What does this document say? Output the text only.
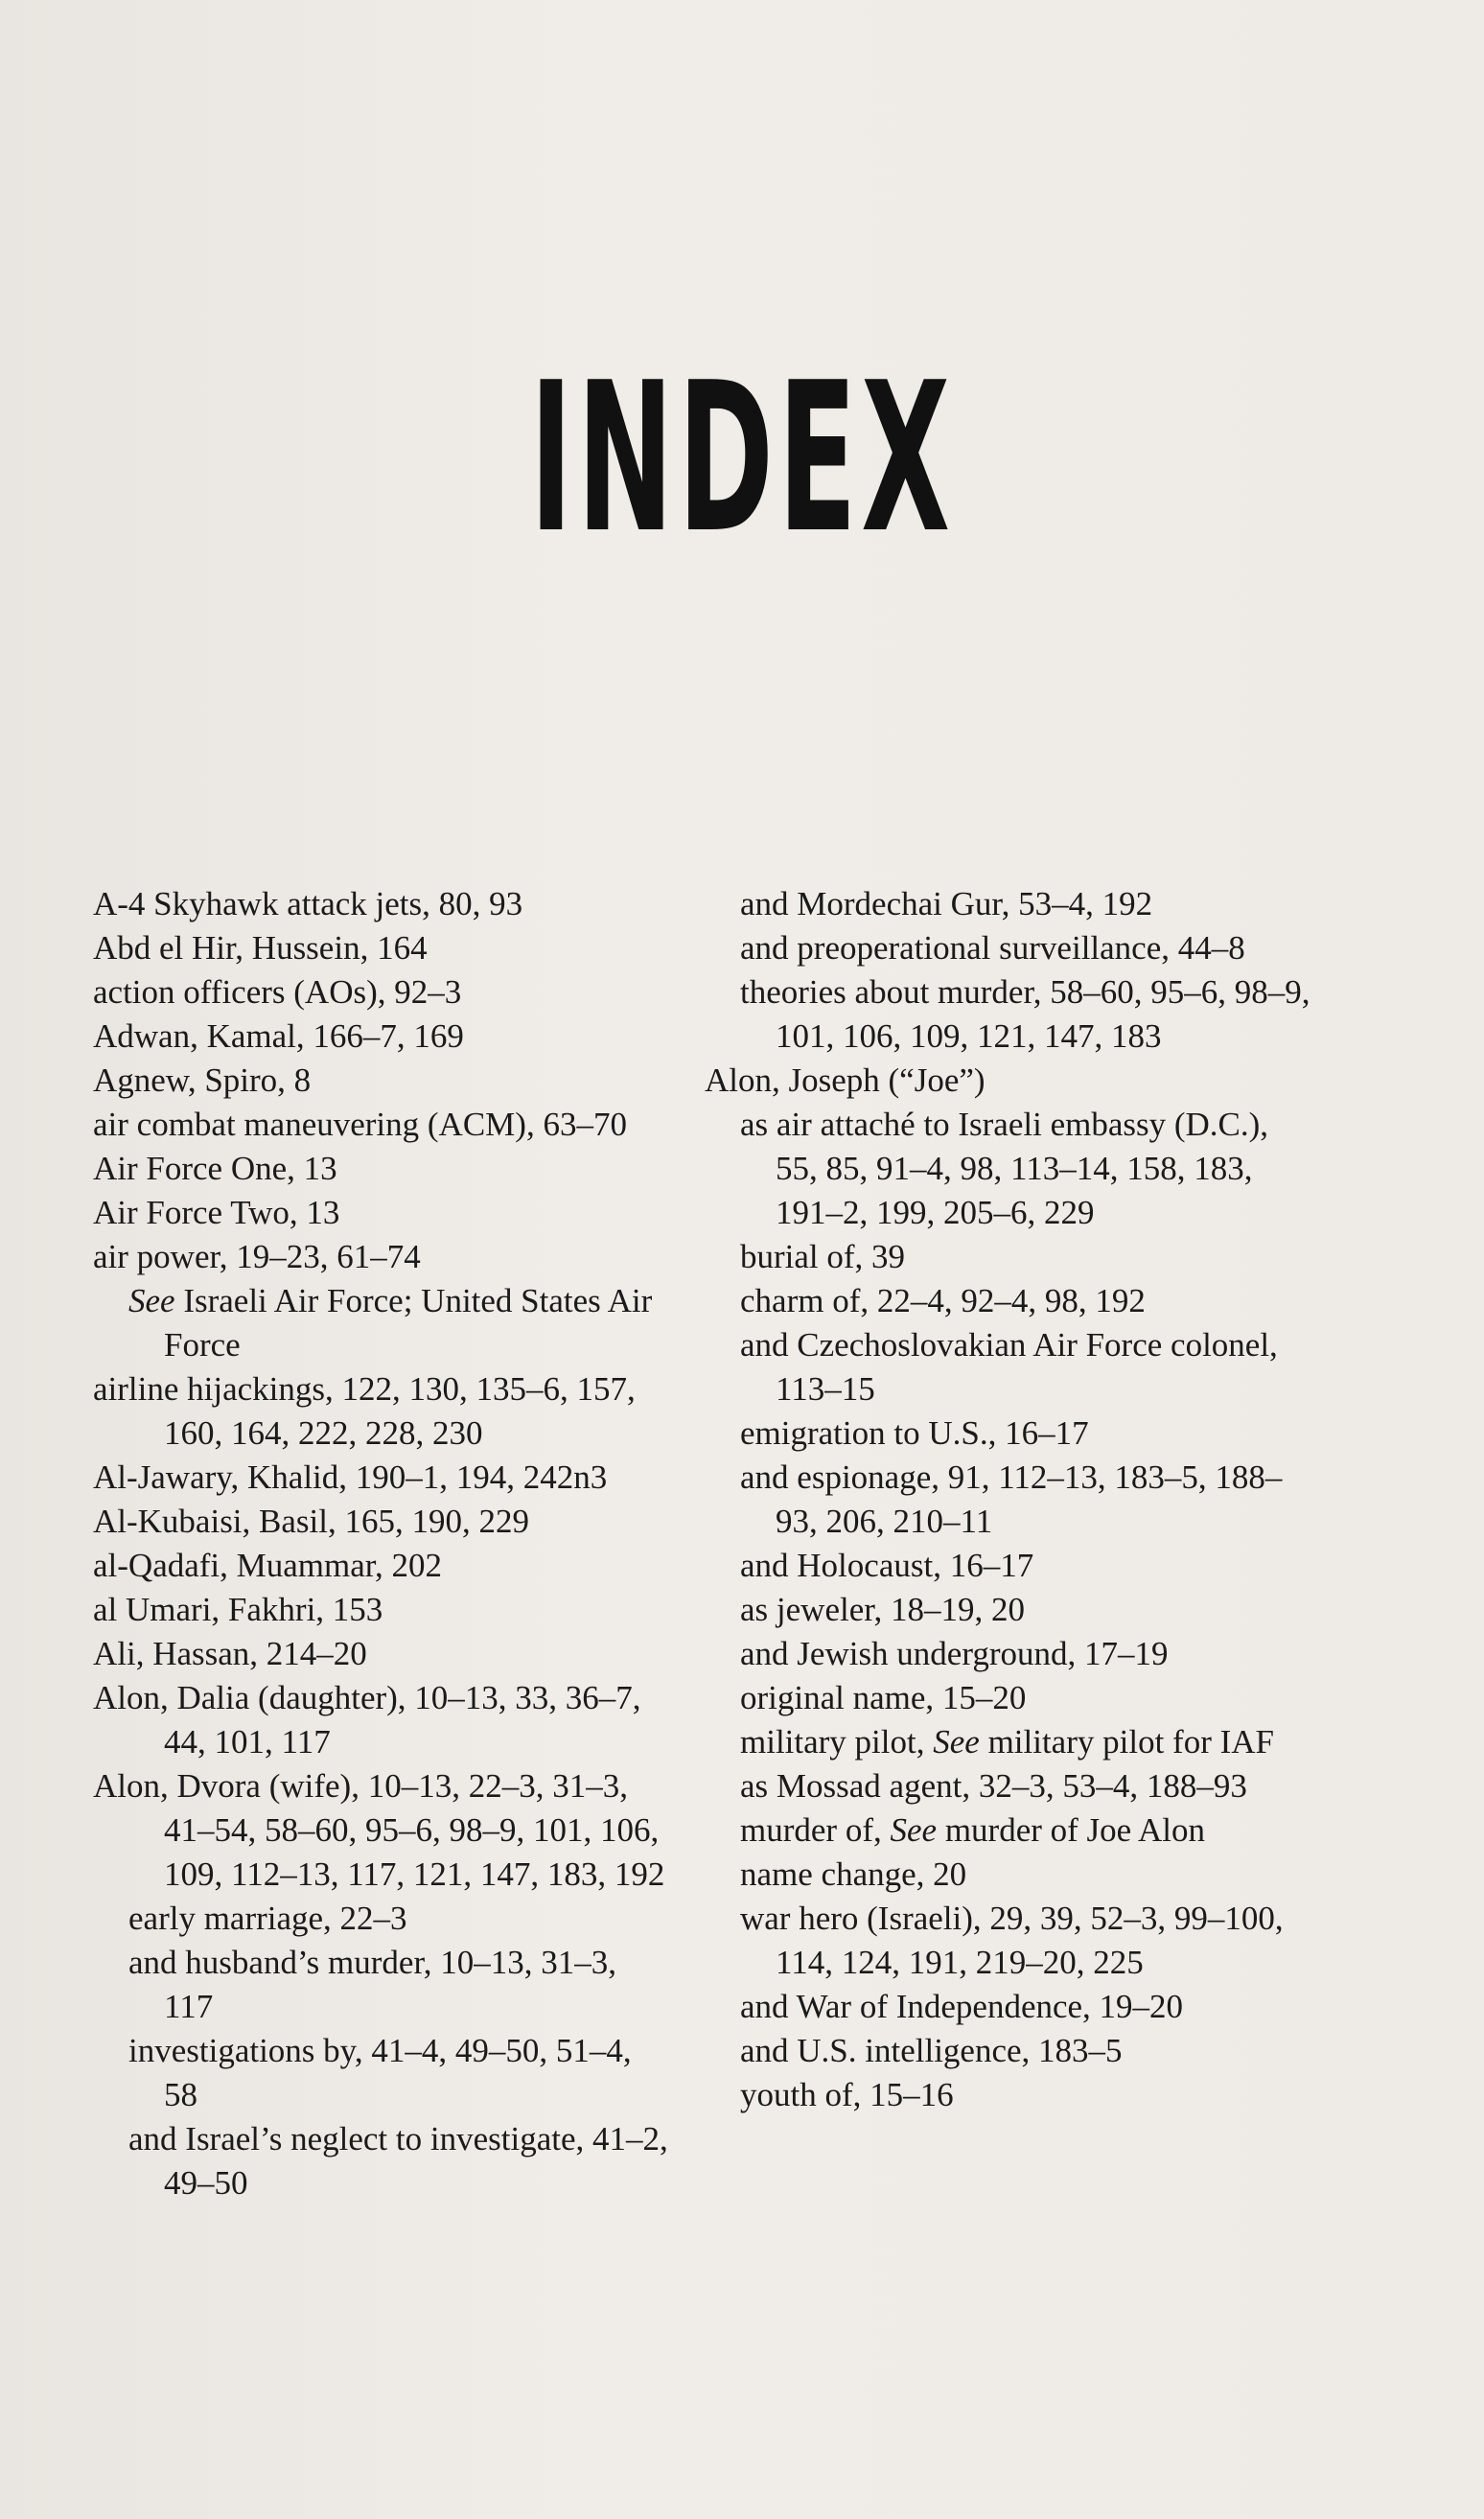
INDEX

A-4 Skyhawk attack jets, 80, 93

Abd el Hir, Hussein, 164

action officers (AOs), 92–3

Adwan, Kamal, 166–7, 169

Agnew, Spiro, 8

air combat maneuvering (ACM), 63–70

Air Force One, 13

Air Force Two, 13

air power, 19–23, 61–74

See Israeli Air Force; United States Air Force

airline hijackings, 122, 130, 135–6, 157, 160, 164, 222, 228, 230

Al-Jawary, Khalid, 190–1, 194, 242n3

Al-Kubaisi, Basil, 165, 190, 229

al-Qadafi, Muammar, 202

al Umari, Fakhri, 153

Ali, Hassan, 214–20

Alon, Dalia (daughter), 10–13, 33, 36–7, 44, 101, 117

Alon, Dvora (wife), 10–13, 22–3, 31–3, 41–54, 58–60, 95–6, 98–9, 101, 106, 109, 112–13, 117, 121, 147, 183, 192

early marriage, 22–3

and husband’s murder, 10–13, 31–3, 117

investigations by, 41–4, 49–50, 51–4, 58

and Israel’s neglect to investigate, 41–2, 49–50

and Mordechai Gur, 53–4, 192

and preoperational surveillance, 44–8

theories about murder, 58–60, 95–6, 98–9, 101, 106, 109, 121, 147, 183

Alon, Joseph (“Joe”)

as air attaché to Israeli embassy (D.C.), 55, 85, 91–4, 98, 113–14, 158, 183, 191–2, 199, 205–6, 229

burial of, 39

charm of, 22–4, 92–4, 98, 192

and Czechoslovakian Air Force colonel, 113–15

emigration to U.S., 16–17

and espionage, 91, 112–13, 183–5, 188–93, 206, 210–11

and Holocaust, 16–17

as jeweler, 18–19, 20

and Jewish underground, 17–19

original name, 15–20

military pilot, See military pilot for IAF

as Mossad agent, 32–3, 53–4, 188–93

murder of, See murder of Joe Alon

name change, 20

war hero (Israeli), 29, 39, 52–3, 99–100, 114, 124, 191, 219–20, 225

and War of Independence, 19–20

and U.S. intelligence, 183–5

youth of, 15–16
